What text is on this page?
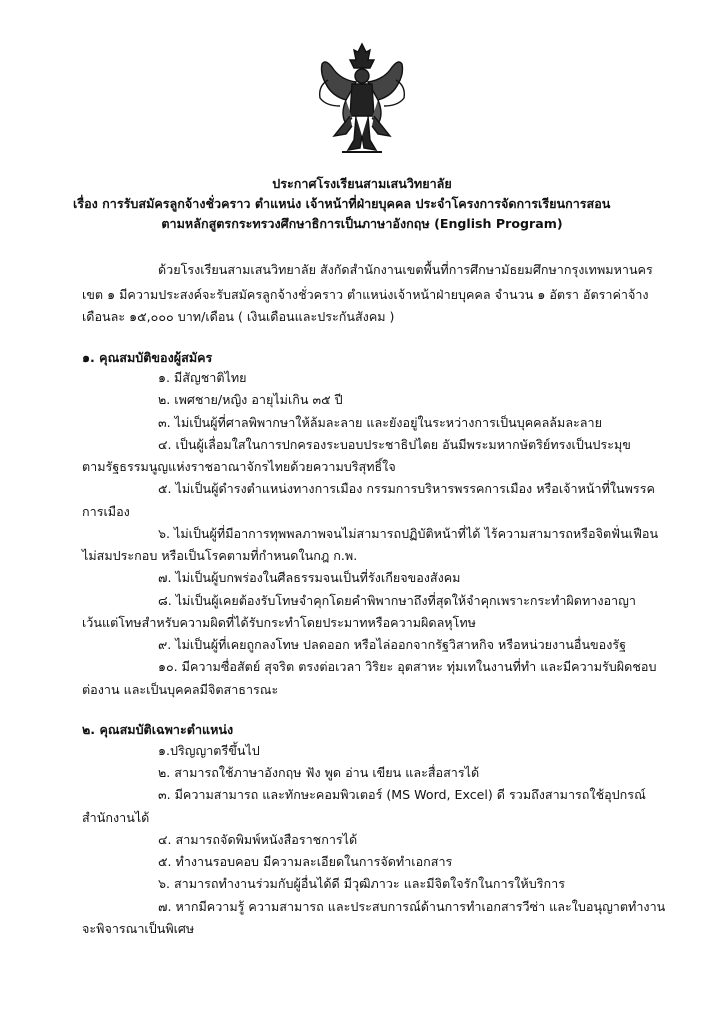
ประกาศโรงเรียนสามเสนวิทยาลัย
เรื่อง การรับสมัครลูกจ้างชั่วคราว ตำแหน่ง เจ้าหน้าที่ฝ่ายบุคคล ประจำโครงการจัดการเรียนการสอน
ตามหลักสูตรกระทรวงศึกษาธิการเป็นภาษาอังกฤษ (English Program)
ด้วยโรงเรียนสามเสนวิทยาลัย สังกัดสำนักงานเขตพื้นที่การศึกษามัธยมศึกษากรุงเทพมหานคร
เขต ๑ มีความประสงค์จะรับสมัครลูกจ้างชั่วคราว ตำแหน่งเจ้าหน้าฝ่ายบุคคล จำนวน ๑ อัตรา อัตราค่าจ้าง
เดือนละ ๑๕,๐๐๐ บาท/เดือน ( เงินเดือนและประกันสังคม )
๑. คุณสมบัติของผู้สมัคร
๑. มีสัญชาติไทย
๒. เพศชาย/หญิง อายุไม่เกิน ๓๕ ปี
๓. ไม่เป็นผู้ที่ศาลพิพากษาให้ล้มละลาย และยังอยู่ในระหว่างการเป็นบุคคลล้มละลาย
๔. เป็นผู้เลื่อมใสในการปกครองระบอบประชาธิปไตย อันมีพระมหากษัตริย์ทรงเป็นประมุข
ตามรัฐธรรมนูญแห่งราชอาณาจักรไทยด้วยความบริสุทธิ์ใจ
๕. ไม่เป็นผู้ดำรงตำแหน่งทางการเมือง กรรมการบริหารพรรคการเมือง หรือเจ้าหน้าที่ในพรรค
การเมือง
๖. ไม่เป็นผู้ที่มีอาการทุพพลภาพจนไม่สามารถปฏิบัติหน้าที่ได้ ไร้ความสามารถหรือจิตฟั่นเฟือน
ไม่สมประกอบ หรือเป็นโรคตามที่กำหนดในกฎ ก.พ.
๗. ไม่เป็นผู้บกพร่องในศีลธรรมจนเป็นที่รังเกียจของสังคม
๘. ไม่เป็นผู้เคยต้องรับโทษจำคุกโดยคำพิพากษาถึงที่สุดให้จำคุกเพราะกระทำผิดทางอาญา
เว้นแต่โทษสำหรับความผิดที่ได้รับกระทำโดยประมาทหรือความผิดลหุโทษ
๙. ไม่เป็นผู้ที่เคยถูกลงโทษ ปลดออก หรือไล่ออกจากรัฐวิสาหกิจ หรือหน่วยงานอื่นของรัฐ
๑๐. มีความซื่อสัตย์ สุจริต ตรงต่อเวลา วิริยะ อุตสาหะ ทุ่มเทในงานที่ทำ และมีความรับผิดชอบ
ต่องาน และเป็นบุคคลมีจิตสาธารณะ
๒. คุณสมบัติเฉพาะตำแหน่ง
๑.ปริญญาตรีขึ้นไป
๒. สามารถใช้ภาษาอังกฤษ ฟัง พูด อ่าน เขียน และสื่อสารได้
๓. มีความสามารถ และทักษะคอมพิวเตอร์ (MS Word, Excel) ดี รวมถึงสามารถใช้อุปกรณ์
สำนักงานได้
๔. สามารถจัดพิมพ์หนังสือราชการได้
๕. ทำงานรอบคอบ มีความละเอียดในการจัดทำเอกสาร
๖. สามารถทำงานร่วมกับผู้อื่นได้ดี มีวุฒิภาวะ และมีจิตใจรักในการให้บริการ
๗. หากมีความรู้ ความสามารถ และประสบการณ์ด้านการทำเอกสารวีซ่า และใบอนุญาตทำงาน
จะพิจารณาเป็นพิเศษ
